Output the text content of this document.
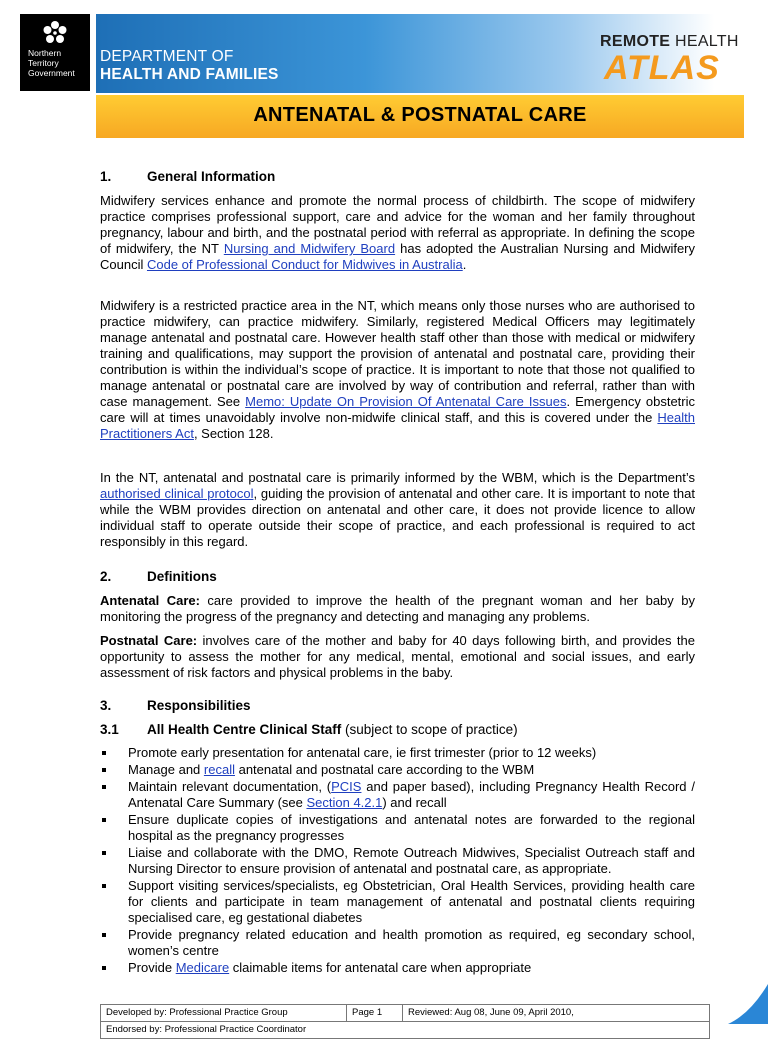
Northern
Territory
Government
DEPARTMENT OF
HEALTH AND FAMILIES
REMOTE HEALTH
ATLAS
ANTENATAL & POSTNATAL CARE
1.	General Information

Midwifery services enhance and promote the normal process of childbirth. The scope of midwifery practice comprises professional support, care and advice for the woman and her family throughout pregnancy, labour and birth, and the postnatal period with referral as appropriate. In defining the scope of midwifery, the NT Nursing and Midwifery Board has adopted the Australian Nursing and Midwifery Council Code of Professional Conduct for Midwives in Australia.

Midwifery is a restricted practice area in the NT, which means only those nurses who are authorised to practice midwifery, can practice midwifery. Similarly, registered Medical Officers may legitimately manage antenatal and postnatal care. However health staff other than those with medical or midwifery training and qualifications, may support the provision of antenatal and postnatal care, providing their contribution is within the individual’s scope of practice. It is important to note that those not qualified to manage antenatal or postnatal care are involved by way of contribution and referral, rather than with case management. See Memo: Update On Provision Of Antenatal Care Issues. Emergency obstetric care will at times unavoidably involve non-midwife clinical staff, and this is covered under the Health Practitioners Act, Section 128.

In the NT, antenatal and postnatal care is primarily informed by the WBM, which is the Department’s authorised clinical protocol, guiding the provision of antenatal and other care. It is important to note that while the WBM provides direction on antenatal and other care, it does not provide licence to allow individual staff to operate outside their scope of practice, and each professional is required to act responsibly in this regard.

2.	Definitions

Antenatal Care: care provided to improve the health of the pregnant woman and her baby by monitoring the progress of the pregnancy and detecting and managing any problems.

Postnatal Care: involves care of the mother and baby for 40 days following birth, and provides the opportunity to assess the mother for any medical, mental, emotional and social issues, and early assessment of risk factors and physical problems in the baby.

3.	Responsibilities
3.1 All Health Centre Clinical Staff (subject to scope of practice)
Promote early presentation for antenatal care, ie first trimester (prior to 12 weeks)
Manage and recall antenatal and postnatal care according to the WBM
Maintain relevant documentation, (PCIS and paper based), including Pregnancy Health Record / Antenatal Care Summary (see Section 4.2.1) and recall
Ensure duplicate copies of investigations and antenatal notes are forwarded to the regional hospital as the pregnancy progresses
Liaise and collaborate with the DMO, Remote Outreach Midwives, Specialist Outreach staff and Nursing Director to ensure provision of antenatal and postnatal care, as appropriate.
Support visiting services/specialists, eg Obstetrician, Oral Health Services, providing health care for clients and participate in team management of antenatal and postnatal clients requiring specialised care, eg gestational diabetes
Provide pregnancy related education and health promotion as required, eg secondary school, women’s centre
Provide Medicare claimable items for antenatal care when appropriate
Developed by: Professional Practice Group	Page 1	Reviewed: Aug 08, June 09, April 2010,
Endorsed by: Professional Practice Coordinator
